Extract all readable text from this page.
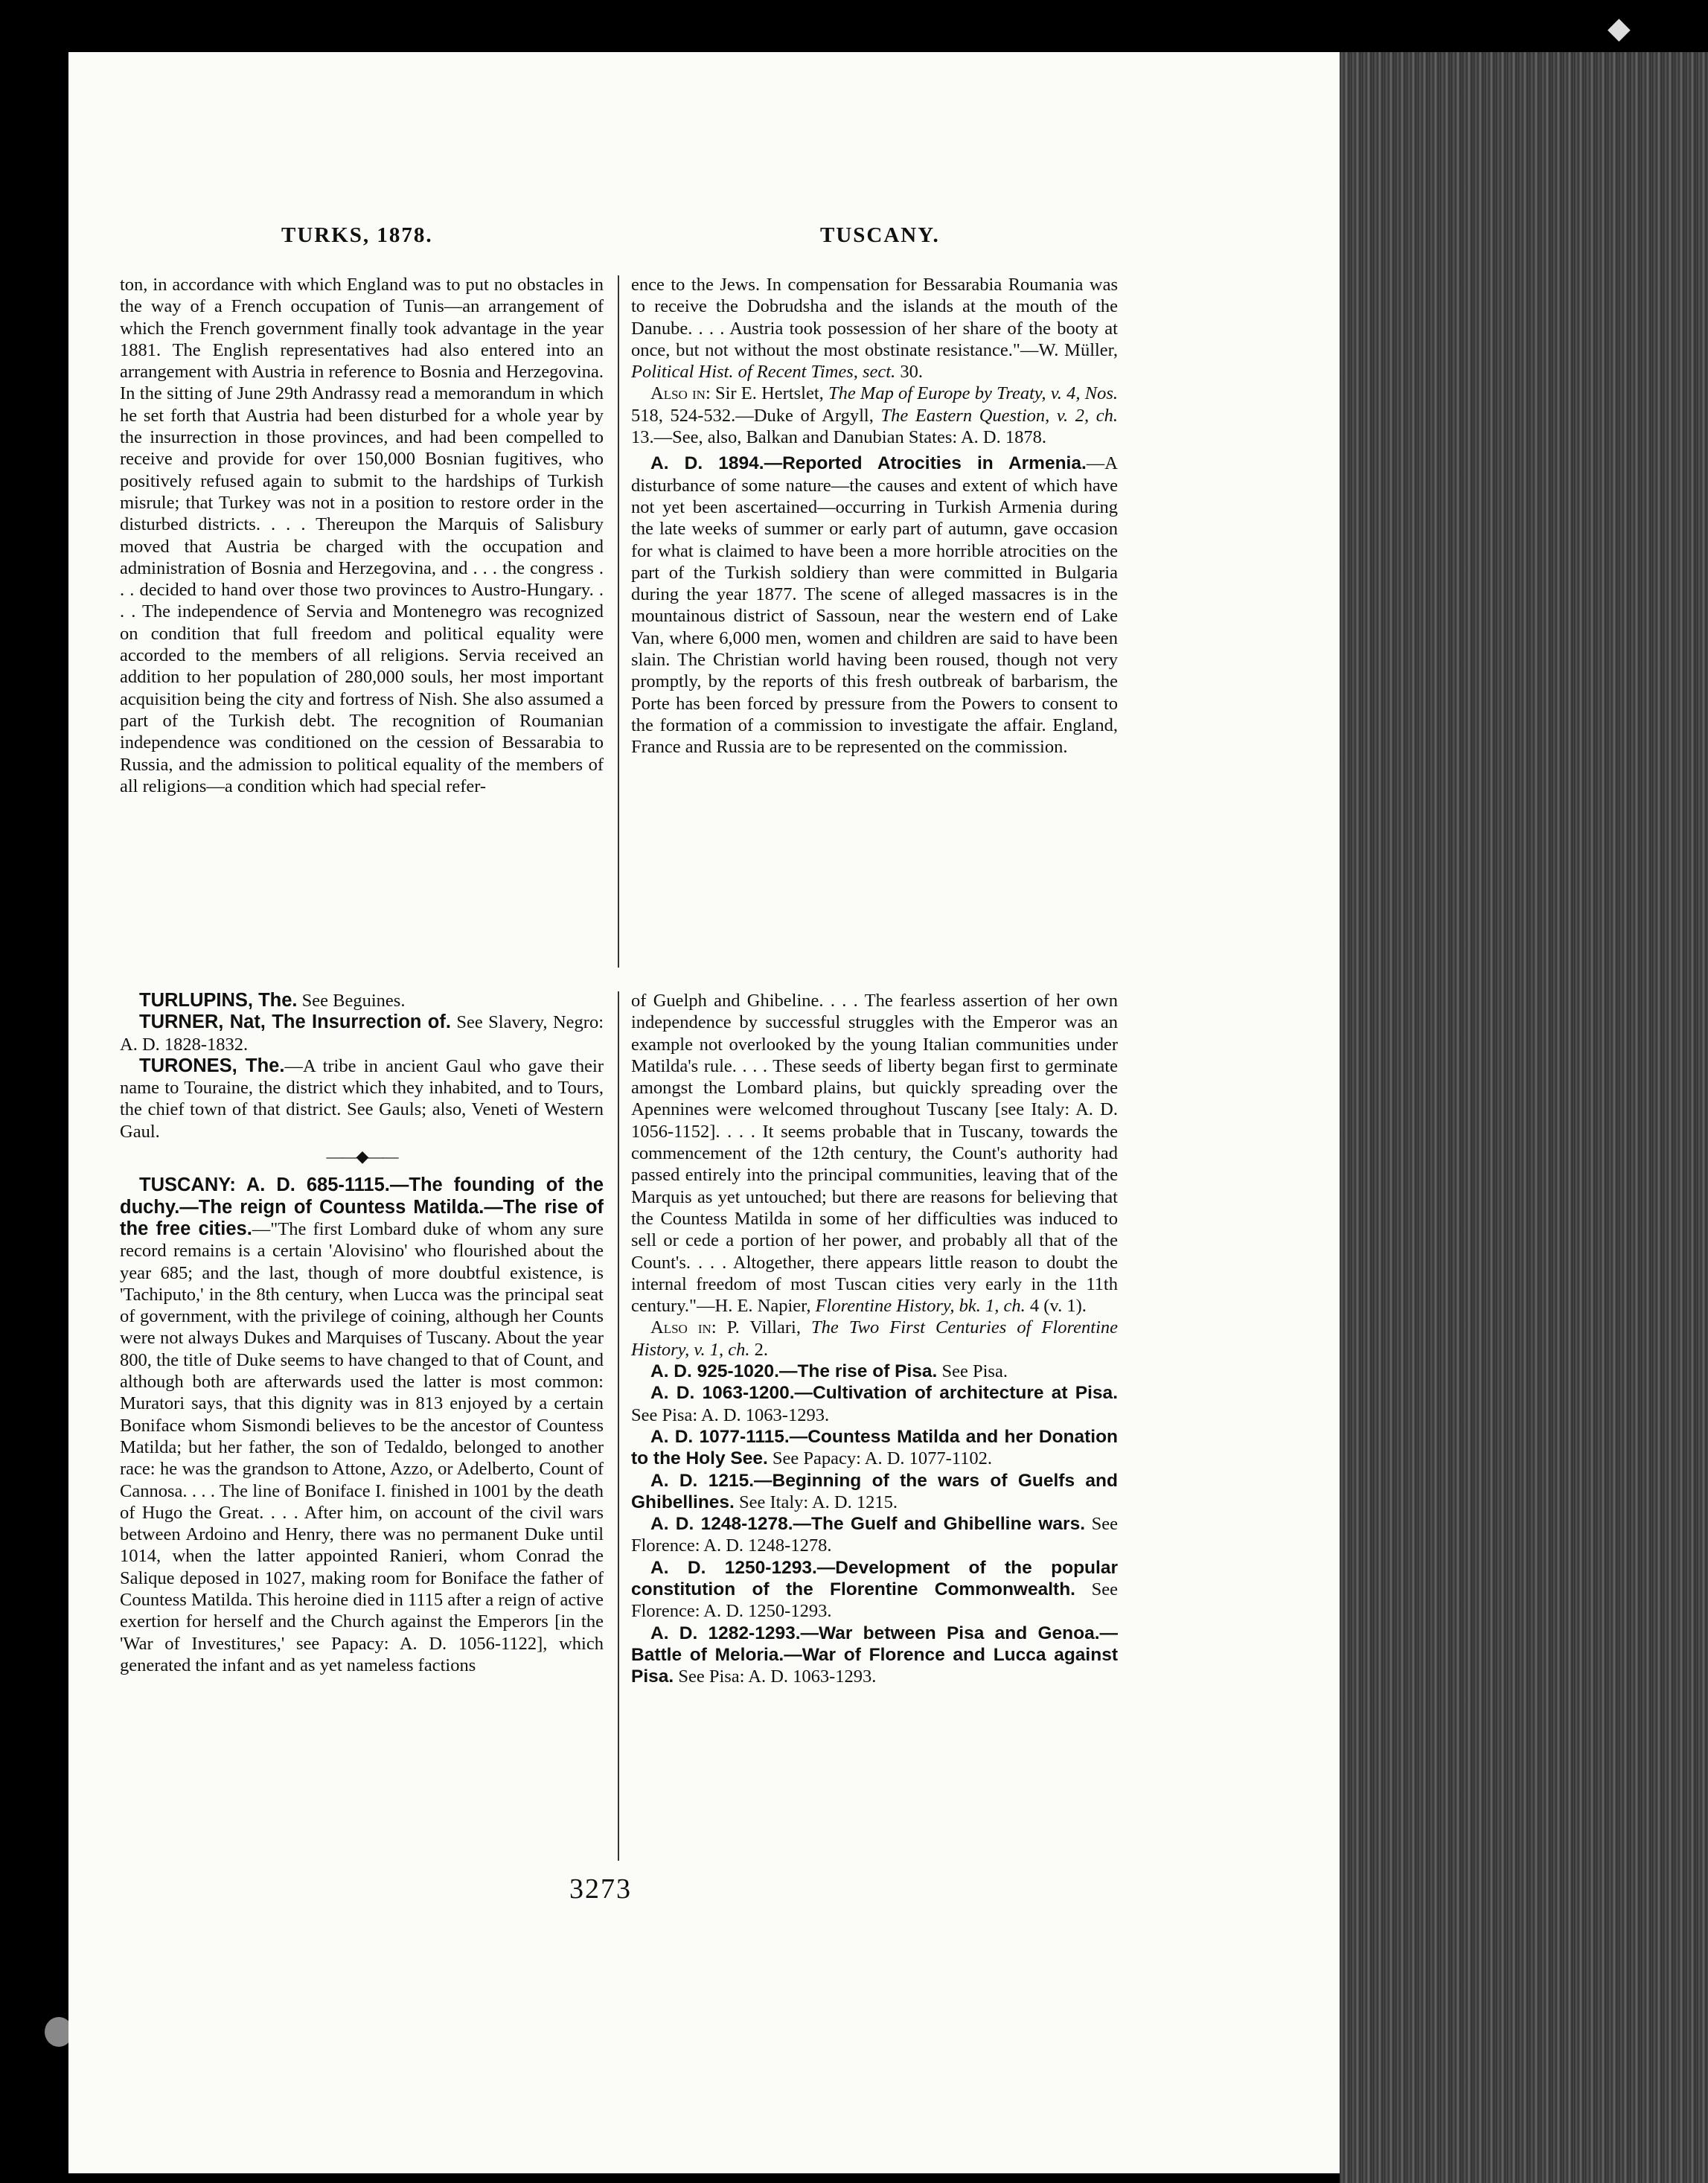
◆
TURKS, 1878.	TUSCANY.

ton, in accordance with which England was to put no obstacles in the way of a French occupation of Tunis—an arrangement of which the French government finally took advantage in the year 1881. The English representatives had also entered into an arrangement with Austria in reference to Bosnia and Herzegovina. In the sitting of June 29th Andrassy read a memorandum in which he set forth that Austria had been disturbed for a whole year by the insurrection in those provinces, and had been compelled to receive and provide for over 150,000 Bosnian fugitives, who positively refused again to submit to the hardships of Turkish misrule; that Turkey was not in a position to restore order in the disturbed districts. . . . Thereupon the Marquis of Salisbury moved that Austria be charged with the occupation and administration of Bosnia and Herzegovina, and . . . the congress . . . decided to hand over those two provinces to Austro-Hungary. . . . The independence of Servia and Montenegro was recognized on condition that full freedom and political equality were accorded to the members of all religions. Servia received an addition to her population of 280,000 souls, her most important acquisition being the city and fortress of Nish. She also assumed a part of the Turkish debt. The recognition of Roumanian independence was conditioned on the cession of Bessarabia to Russia, and the admission to political equality of the members of all religions—a condition which had special refer-

ence to the Jews. In compensation for Bessarabia Roumania was to receive the Dobrudsha and the islands at the mouth of the Danube. . . . Austria took possession of her share of the booty at once, but not without the most obstinate resistance."—W. Müller, Political Hist. of Recent Times, sect. 30.

Also in: Sir E. Hertslet, The Map of Europe by Treaty, v. 4, Nos. 518, 524-532.—Duke of Argyll, The Eastern Question, v. 2, ch. 13.—See, also, Balkan and Danubian States: A. D. 1878.

A. D. 1894.—Reported Atrocities in Armenia.—A disturbance of some nature—the causes and extent of which have not yet been ascertained—occurring in Turkish Armenia during the late weeks of summer or early part of autumn, gave occasion for what is claimed to have been a more horrible atrocities on the part of the Turkish soldiery than were committed in Bulgaria during the year 1877. The scene of alleged massacres is in the mountainous district of Sassoun, near the western end of Lake Van, where 6,000 men, women and children are said to have been slain. The Christian world having been roused, though not very promptly, by the reports of this fresh outbreak of barbarism, the Porte has been forced by pressure from the Powers to consent to the formation of a commission to investigate the affair. England, France and Russia are to be represented on the commission.

TURLUPINS, The. See Beguines.

TURNER, Nat, The Insurrection of. See Slavery, Negro: A. D. 1828-1832.

TURONES, The.—A tribe in ancient Gaul who gave their name to Touraine, the district which they inhabited, and to Tours, the chief town of that district. See Gauls; also, Veneti of Western Gaul.

——◆——

TUSCANY: A. D. 685-1115.—The founding of the duchy.—The reign of Countess Matilda.—The rise of the free cities.—"The first Lombard duke of whom any sure record remains is a certain 'Alovisino' who flourished about the year 685; and the last, though of more doubtful existence, is 'Tachiputo,' in the 8th century, when Lucca was the principal seat of government, with the privilege of coining, although her Counts were not always Dukes and Marquises of Tuscany. About the year 800, the title of Duke seems to have changed to that of Count, and although both are afterwards used the latter is most common: Muratori says, that this dignity was in 813 enjoyed by a certain Boniface whom Sismondi believes to be the ancestor of Countess Matilda; but her father, the son of Tedaldo, belonged to another race: he was the grandson to Attone, Azzo, or Adelberto, Count of Cannosa. . . . The line of Boniface I. finished in 1001 by the death of Hugo the Great. . . . After him, on account of the civil wars between Ardoino and Henry, there was no permanent Duke until 1014, when the latter appointed Ranieri, whom Conrad the Salique deposed in 1027, making room for Boniface the father of Countess Matilda. This heroine died in 1115 after a reign of active exertion for herself and the Church against the Emperors [in the 'War of Investitures,' see Papacy: A. D. 1056-1122], which generated the infant and as yet nameless factions

of Guelph and Ghibeline. . . . The fearless assertion of her own independence by successful struggles with the Emperor was an example not overlooked by the young Italian communities under Matilda's rule. . . . These seeds of liberty began first to germinate amongst the Lombard plains, but quickly spreading over the Apennines were welcomed throughout Tuscany [see Italy: A. D. 1056-1152]. . . . It seems probable that in Tuscany, towards the commencement of the 12th century, the Count's authority had passed entirely into the principal communities, leaving that of the Marquis as yet untouched; but there are reasons for believing that the Countess Matilda in some of her difficulties was induced to sell or cede a portion of her power, and probably all that of the Count's. . . . Altogether, there appears little reason to doubt the internal freedom of most Tuscan cities very early in the 11th century."—H. E. Napier, Florentine History, bk. 1, ch. 4 (v. 1).

Also in: P. Villari, The Two First Centuries of Florentine History, v. 1, ch. 2.

A. D. 925-1020.—The rise of Pisa. See Pisa.

A. D. 1063-1200.—Cultivation of architecture at Pisa. See Pisa: A. D. 1063-1293.

A. D. 1077-1115.—Countess Matilda and her Donation to the Holy See. See Papacy: A. D. 1077-1102.

A. D. 1215.—Beginning of the wars of Guelfs and Ghibellines. See Italy: A. D. 1215.

A. D. 1248-1278.—The Guelf and Ghibelline wars. See Florence: A. D. 1248-1278.

A. D. 1250-1293.—Development of the popular constitution of the Florentine Commonwealth. See Florence: A. D. 1250-1293.

A. D. 1282-1293.—War between Pisa and Genoa.—Battle of Meloria.—War of Florence and Lucca against Pisa. See Pisa: A. D. 1063-1293.

3273
